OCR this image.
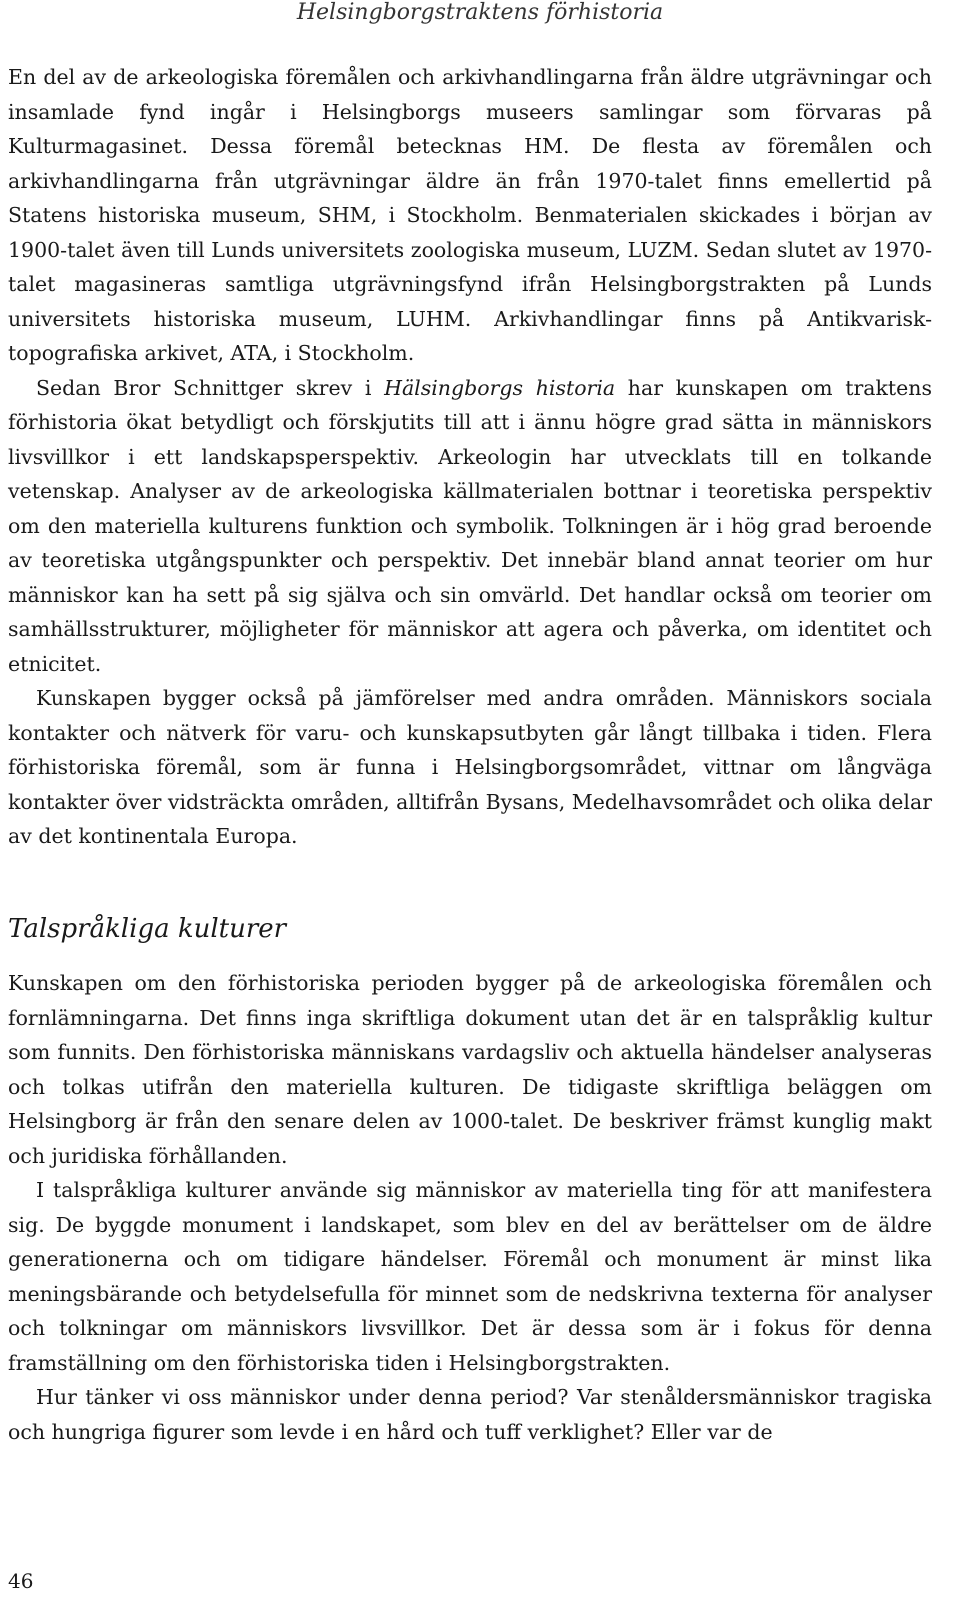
Helsingborgstraktens förhistoria

En del av de arkeologiska föremålen och arkivhandlingarna från äldre utgrävningar och insamlade fynd ingår i Helsingborgs museers samlingar som förvaras på Kulturmagasinet. Dessa föremål betecknas HM. De flesta av föremålen och arkivhandlingarna från utgrävningar äldre än från 1970-talet finns emellertid på Statens historiska museum, SHM, i Stockholm. Benmaterialen skickades i början av 1900-talet även till Lunds universitets zoologiska museum, LUZM. Sedan slutet av 1970-talet magasineras samtliga utgrävningsfynd ifrån Helsingborgstrakten på Lunds universitets historiska museum, LUHM. Arkivhandlingar finns på Antikvarisk-topografiska arkivet, ATA, i Stockholm.

Sedan Bror Schnittger skrev i Hälsingborgs historia har kunskapen om traktens förhistoria ökat betydligt och förskjutits till att i ännu högre grad sätta in människors livsvillkor i ett landskapsperspektiv. Arkeologin har utvecklats till en tolkande vetenskap. Analyser av de arkeologiska källmaterialen bottnar i teoretiska perspektiv om den materiella kulturens funktion och symbolik. Tolkningen är i hög grad beroende av teoretiska utgångspunkter och perspektiv. Det innebär bland annat teorier om hur människor kan ha sett på sig själva och sin omvärld. Det handlar också om teorier om samhällsstrukturer, möjligheter för människor att agera och påverka, om identitet och etnicitet.

Kunskapen bygger också på jämförelser med andra områden. Människors sociala kontakter och nätverk för varu- och kunskapsutbyten går långt tillbaka i tiden. Flera förhistoriska föremål, som är funna i Helsingborgsområdet, vittnar om långväga kontakter över vidsträckta områden, alltifrån Bysans, Medelhavsområdet och olika delar av det kontinentala Europa.

Talspråkliga kulturer

Kunskapen om den förhistoriska perioden bygger på de arkeologiska föremålen och fornlämningarna. Det finns inga skriftliga dokument utan det är en talspråklig kultur som funnits. Den förhistoriska människans vardagsliv och aktuella händelser analyseras och tolkas utifrån den materiella kulturen. De tidigaste skriftliga beläggen om Helsingborg är från den senare delen av 1000-talet. De beskriver främst kunglig makt och juridiska förhållanden.

I talspråkliga kulturer använde sig människor av materiella ting för att manifestera sig. De byggde monument i landskapet, som blev en del av berättelser om de äldre generationerna och om tidigare händelser. Föremål och monument är minst lika meningsbärande och betydelsefulla för minnet som de nedskrivna texterna för analyser och tolkningar om människors livsvillkor. Det är dessa som är i fokus för denna framställning om den förhistoriska tiden i Helsingborgstrakten.

Hur tänker vi oss människor under denna period? Var stenåldersmänniskor tragiska och hungriga figurer som levde i en hård och tuff verklighet? Eller var de

46
